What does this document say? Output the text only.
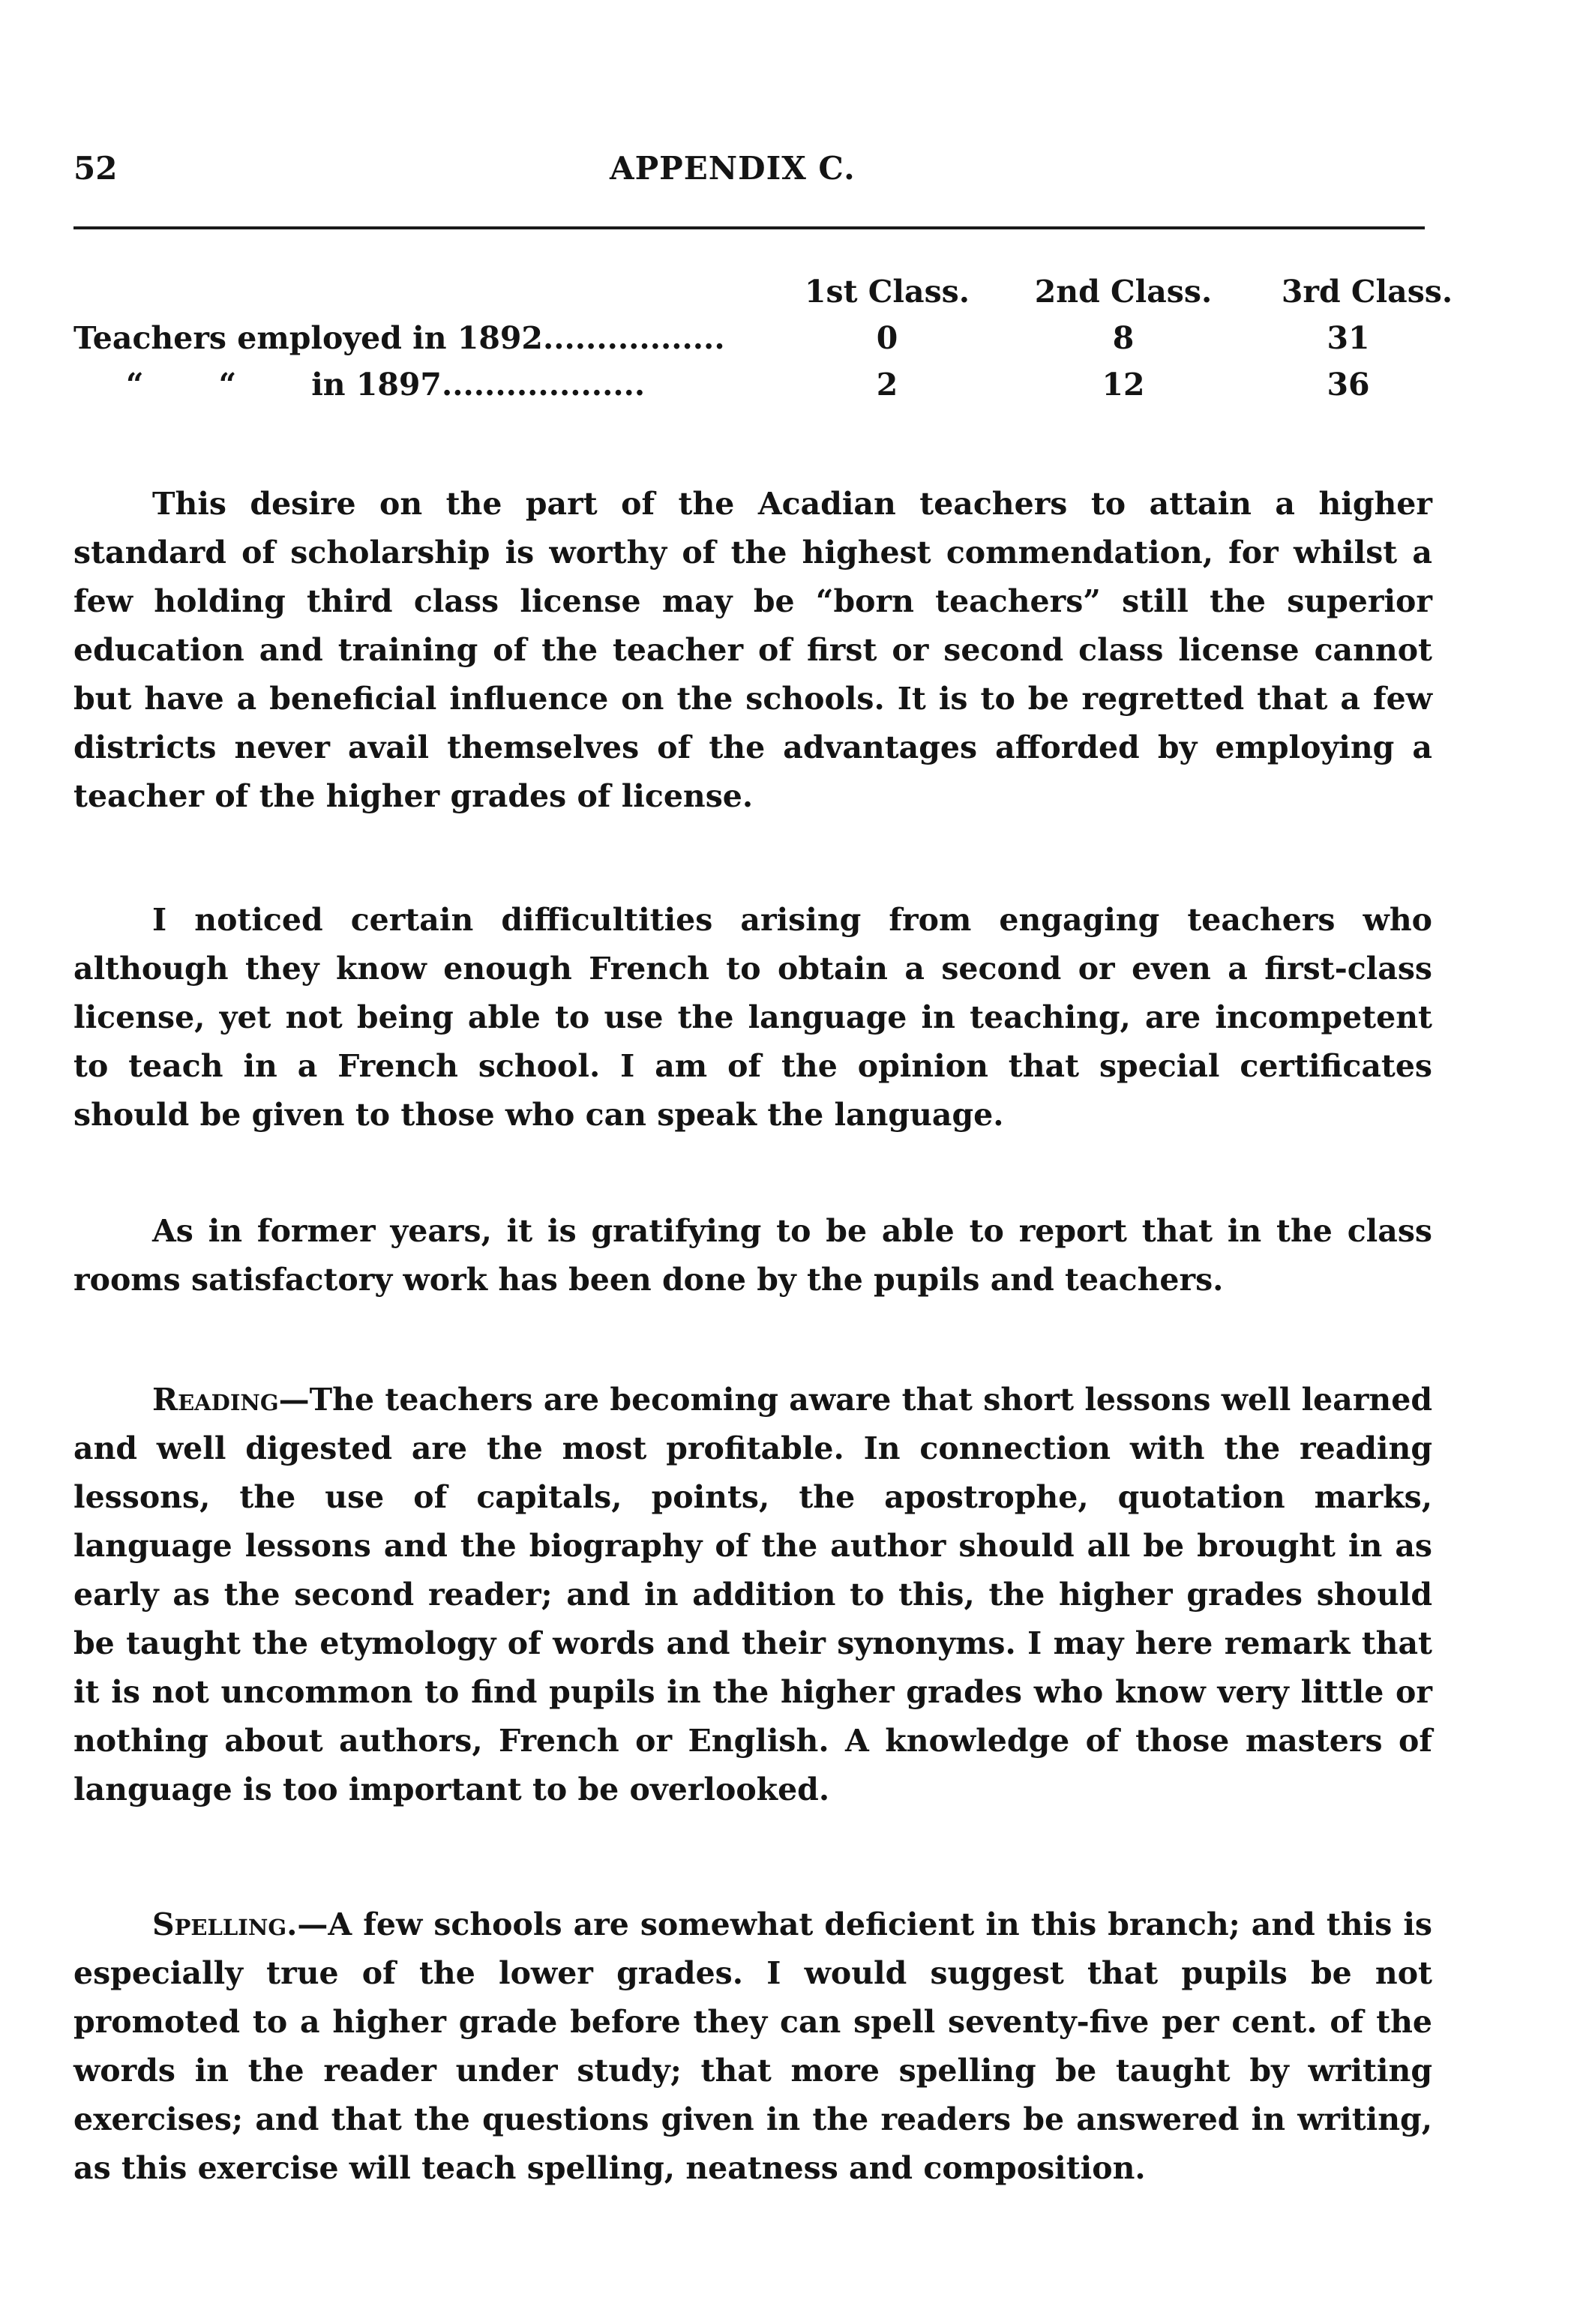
52	APPENDIX C.
1st Class.	2nd Class.	3rd Class.
Teachers employed in 1892.................	0	8	31
“ “ in 1897...................	2	12	36

This desire on the part of the Acadian teachers to attain a higher standard of scholarship is worthy of the highest commendation, for whilst a few holding third class license may be “born teachers” still the superior education and training of the teacher of first or second class license cannot but have a beneficial influence on the schools. It is to be regretted that a few districts never avail themselves of the advantages afforded by employing a teacher of the higher grades of license.

I noticed certain difficultities arising from engaging teachers who although they know enough French to obtain a second or even a first-class license, yet not being able to use the language in teaching, are incompetent to teach in a French school. I am of the opinion that special certificates should be given to those who can speak the language.

As in former years, it is gratifying to be able to report that in the class rooms satisfactory work has been done by the pupils and teachers.

Reading—The teachers are becoming aware that short lessons well learned and well digested are the most profitable. In connection with the reading lessons, the use of capitals, points, the apostrophe, quotation marks, language lessons and the biography of the author should all be brought in as early as the second reader; and in addition to this, the higher grades should be taught the etymology of words and their synonyms. I may here remark that it is not uncommon to find pupils in the higher grades who know very little or nothing about authors, French or English. A knowledge of those masters of language is too important to be overlooked.

Spelling.—A few schools are somewhat deficient in this branch; and this is especially true of the lower grades. I would suggest that pupils be not promoted to a higher grade before they can spell seventy-five per cent. of the words in the reader under study; that more spelling be taught by writing exercises; and that the questions given in the readers be answered in writing, as this exercise will teach spelling, neatness and composition.
